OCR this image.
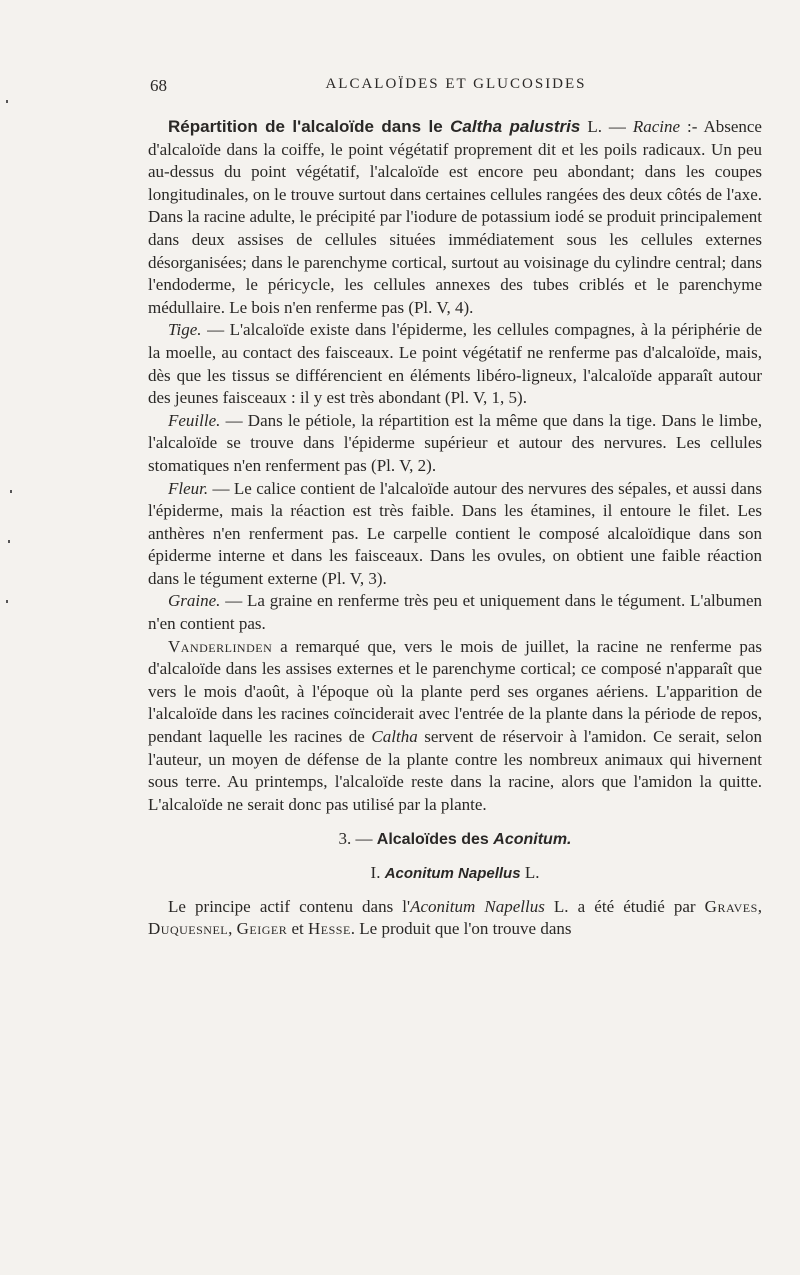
68	ALCALOÏDES ET GLUCOSIDES

Répartition de l'alcaloïde dans le Caltha palustris L. — Racine :- Absence d'alcaloïde dans la coiffe, le point végétatif proprement dit et les poils radicaux. Un peu au-dessus du point végétatif, l'alcaloïde est encore peu abondant; dans les coupes longitudinales, on le trouve surtout dans certaines cellules rangées des deux côtés de l'axe. Dans la racine adulte, le précipité par l'iodure de potassium iodé se produit principalement dans deux assises de cellules situées immédiatement sous les cellules externes désorganisées; dans le parenchyme cortical, surtout au voisinage du cylindre central; dans l'endoderme, le péricycle, les cellules annexes des tubes criblés et le parenchyme médullaire. Le bois n'en renferme pas (Pl. V, 4).

Tige. — L'alcaloïde existe dans l'épiderme, les cellules compagnes, à la périphérie de la moelle, au contact des faisceaux. Le point végétatif ne renferme pas d'alcaloïde, mais, dès que les tissus se différencient en éléments libéro-ligneux, l'alcaloïde apparaît autour des jeunes faisceaux : il y est très abondant (Pl. V, 1, 5).

Feuille. — Dans le pétiole, la répartition est la même que dans la tige. Dans le limbe, l'alcaloïde se trouve dans l'épiderme supérieur et autour des nervures. Les cellules stomatiques n'en renferment pas (Pl. V, 2).

Fleur. — Le calice contient de l'alcaloïde autour des nervures des sépales, et aussi dans l'épiderme, mais la réaction est très faible. Dans les étamines, il entoure le filet. Les anthères n'en renferment pas. Le carpelle contient le composé alcaloïdique dans son épiderme interne et dans les faisceaux. Dans les ovules, on obtient une faible réaction dans le tégument externe (Pl. V, 3).

Graine. — La graine en renferme très peu et uniquement dans le tégument. L'albumen n'en contient pas.

Vanderlinden a remarqué que, vers le mois de juillet, la racine ne renferme pas d'alcaloïde dans les assises externes et le parenchyme cortical; ce composé n'apparaît que vers le mois d'août, à l'époque où la plante perd ses organes aériens. L'apparition de l'alcaloïde dans les racines coïnciderait avec l'entrée de la plante dans la période de repos, pendant laquelle les racines de Caltha servent de réservoir à l'amidon. Ce serait, selon l'auteur, un moyen de défense de la plante contre les nombreux animaux qui hivernent sous terre. Au printemps, l'alcaloïde reste dans la racine, alors que l'amidon la quitte. L'alcaloïde ne serait donc pas utilisé par la plante.

3. — Alcaloïdes des Aconitum.
I. Aconitum Napellus L.

Le principe actif contenu dans l'Aconitum Napellus L. a été étudié par Graves, Duquesnel, Geiger et Hesse. Le produit que l'on trouve dans
